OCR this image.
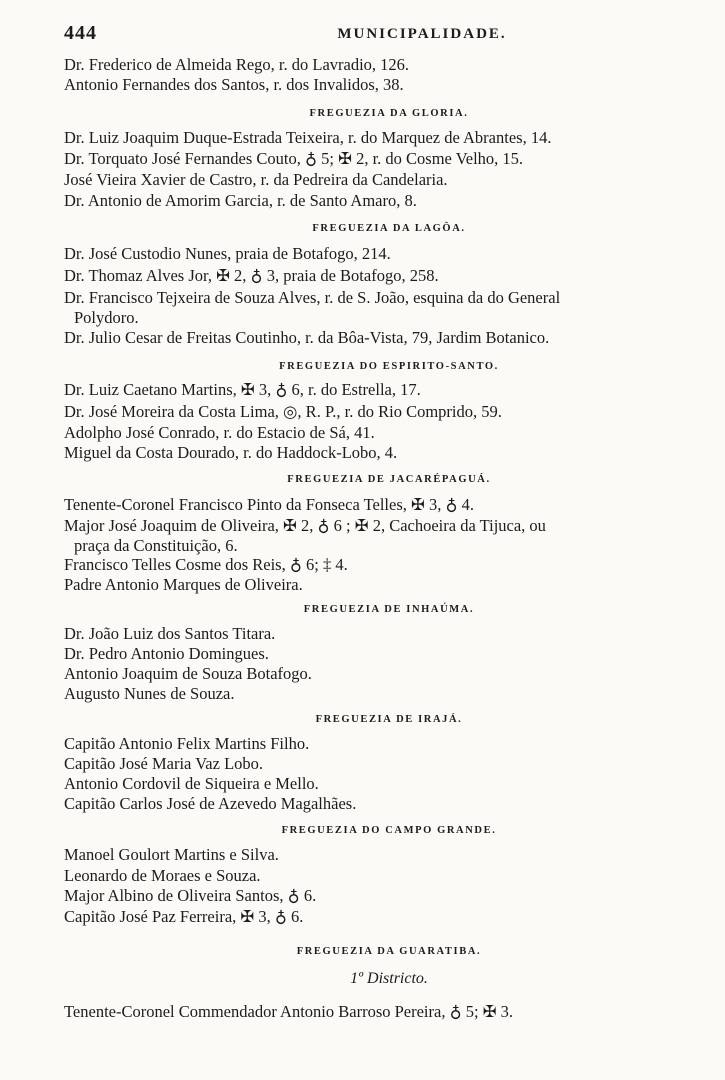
444	MUNICIPALIDADE.
Dr. Frederico de Almeida Rego, r. do Lavradio, 126.
Antonio Fernandes dos Santos, r. dos Invalidos, 38.
FREGUEZIA DA GLORIA.
Dr. Luiz Joaquim Duque-Estrada Teixeira, r. do Marquez de Abrantes, 14.
Dr. Torquato José Fernandes Couto, ♁ 5; ✠ 2, r. do Cosme Velho, 15.
José Vieira Xavier de Castro, r. da Pedreira da Candelaria.
Dr. Antonio de Amorim Garcia, r. de Santo Amaro, 8.
FREGUEZIA DA LAGÔA.
Dr. José Custodio Nunes, praia de Botafogo, 214.
Dr. Thomaz Alves Jor, ✠ 2, ♁ 3, praia de Botafogo, 258.
Dr. Francisco Tejxeira de Souza Alves, r. de S. João, esquina da do General
Polydoro.
Dr. Julio Cesar de Freitas Coutinho, r. da Bôa-Vista, 79, Jardim Botanico.
FREGUEZIA DO ESPIRITO-SANTO.
Dr. Luiz Caetano Martins, ✠ 3, ♁ 6, r. do Estrella, 17.
Dr. José Moreira da Costa Lima, ◎, R. P., r. do Rio Comprido, 59.
Adolpho José Conrado, r. do Estacio de Sá, 41.
Miguel da Costa Dourado, r. do Haddock-Lobo, 4.
FREGUEZIA DE JACARÉPAGUÁ.
Tenente-Coronel Francisco Pinto da Fonseca Telles, ✠ 3, ♁ 4.
Major José Joaquim de Oliveira, ✠ 2, ♁ 6 ; ✠ 2, Cachoeira da Tijuca, ou
praça da Constituição, 6.
Francisco Telles Cosme dos Reis, ♁ 6; ‡ 4.
Padre Antonio Marques de Oliveira.
FREGUEZIA DE INHAÚMA.
Dr. João Luiz dos Santos Titara.
Dr. Pedro Antonio Domingues.
Antonio Joaquim de Souza Botafogo.
Augusto Nunes de Souza.
FREGUEZIA DE IRAJÁ.
Capitão Antonio Felix Martins Filho.
Capitão José Maria Vaz Lobo.
Antonio Cordovil de Siqueira e Mello.
Capitão Carlos José de Azevedo Magalhães.
FREGUEZIA DO CAMPO GRANDE.
Manoel Goulort Martins e Silva.
Leonardo de Moraes e Souza.
Major Albino de Oliveira Santos, ♁ 6.
Capitão José Paz Ferreira, ✠ 3, ♁ 6.
FREGUEZIA DA GUARATIBA.
1º Districto.
Tenente-Coronel Commendador Antonio Barroso Pereira, ♁ 5; ✠ 3.
